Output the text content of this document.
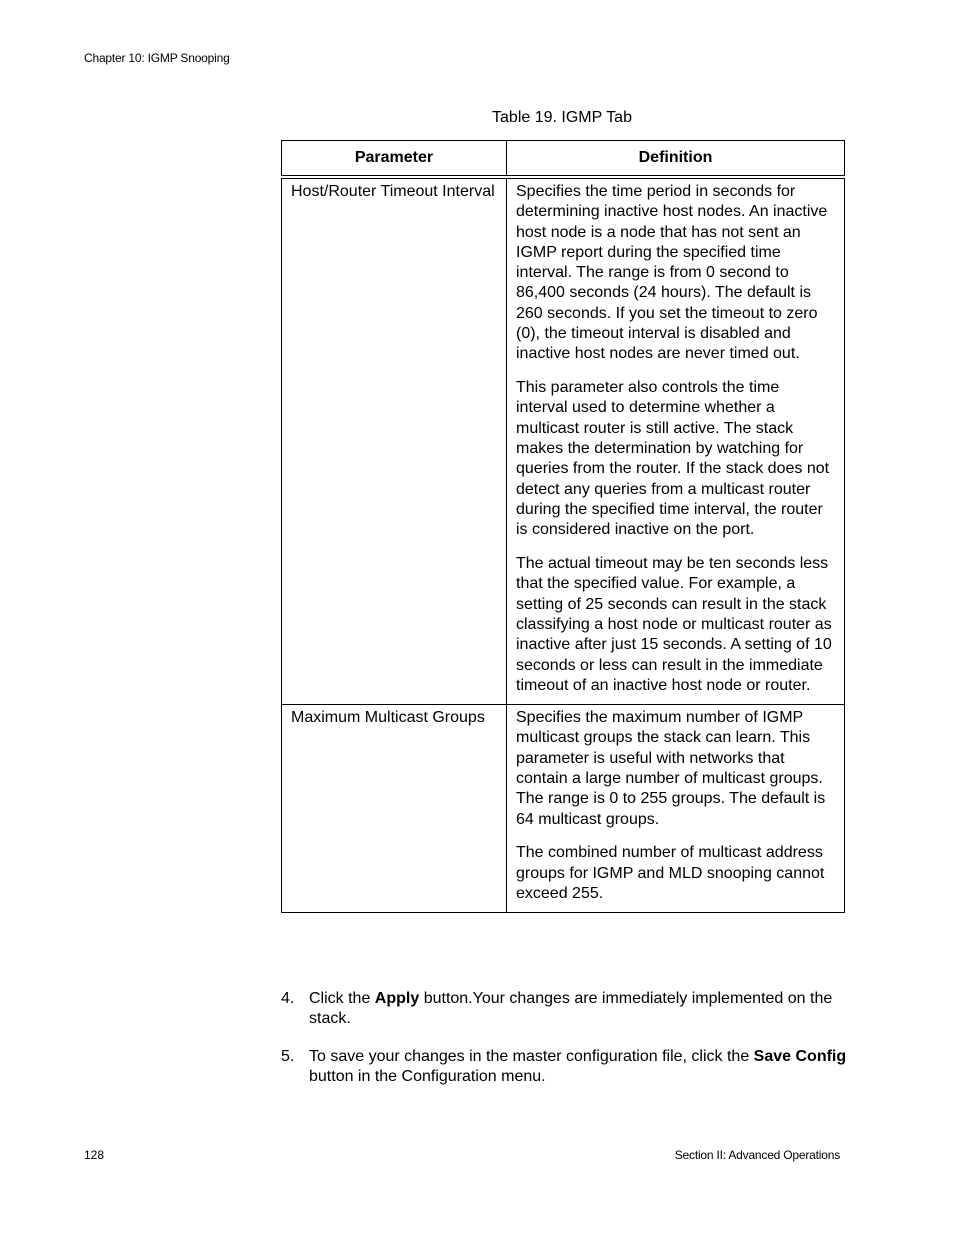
Chapter 10: IGMP Snooping
Table 19. IGMP Tab
Parameter	Definition

Host/Router Timeout Interval	Specifies the time period in seconds for determining inactive host nodes. An inactive host node is a node that has not sent an IGMP report during the specified time interval. The range is from 0 second to 86,400 seconds (24 hours). The default is 260 seconds. If you set the timeout to zero (0), the timeout interval is disabled and inactive host nodes are never timed out.

This parameter also controls the time interval used to determine whether a multicast router is still active. The stack makes the determination by watching for queries from the router. If the stack does not detect any queries from a multicast router during the specified time interval, the router is considered inactive on the port.

The actual timeout may be ten seconds less that the specified value. For example, a setting of 25 seconds can result in the stack classifying a host node or multicast router as inactive after just 15 seconds. A setting of 10 seconds or less can result in the immediate timeout of an inactive host node or router.

Maximum Multicast Groups	Specifies the maximum number of IGMP multicast groups the stack can learn. This parameter is useful with networks that contain a large number of multicast groups. The range is 0 to 255 groups. The default is 64 multicast groups.

The combined number of multicast address groups for IGMP and MLD snooping cannot exceed 255.

4. Click the Apply button.Your changes are immediately implemented on the stack.
5. To save your changes in the master configuration file, click the Save Config button in the Configuration menu.
128	Section II: Advanced Operations
